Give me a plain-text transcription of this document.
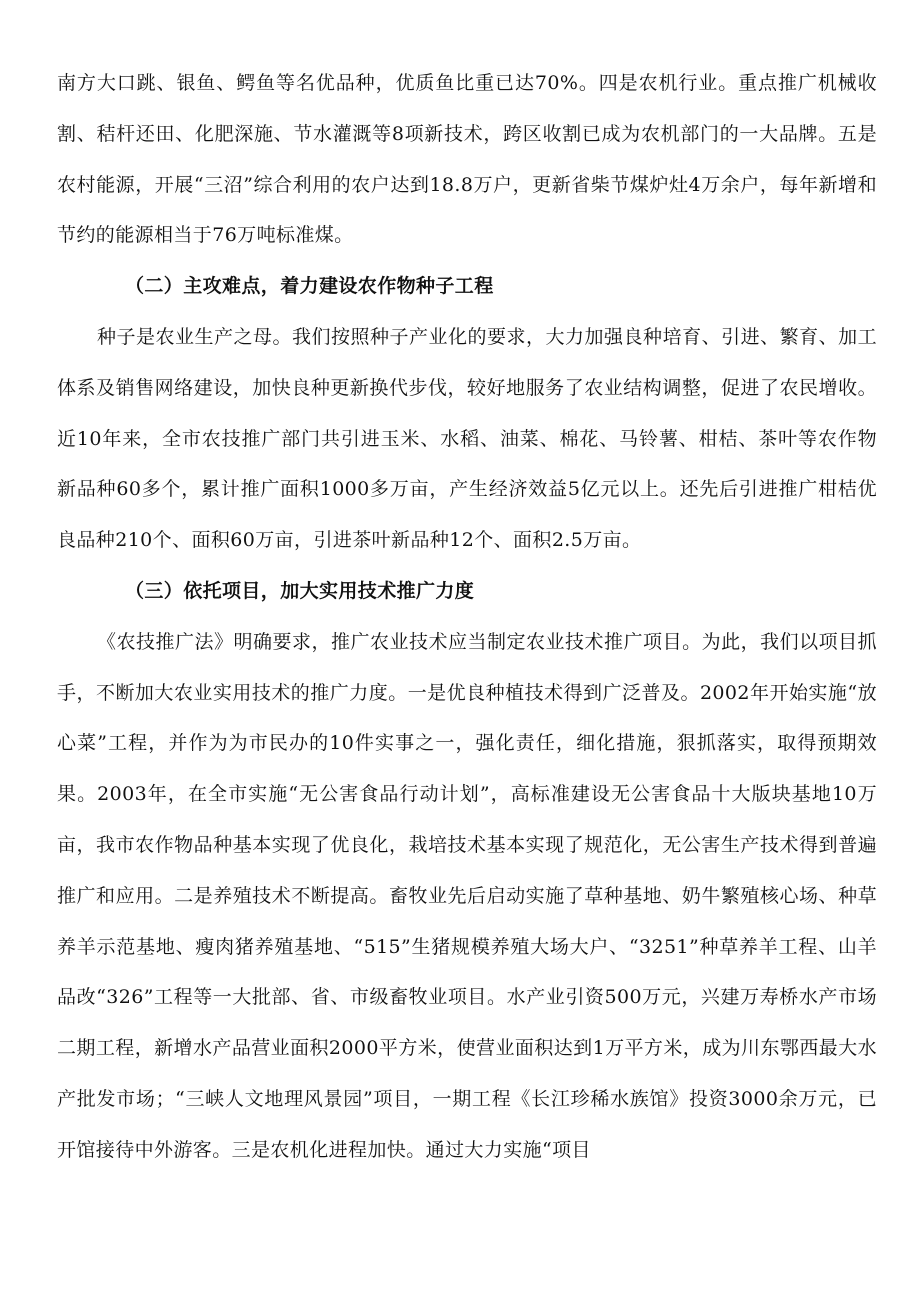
南方大口跳、银鱼、鳄鱼等名优品种，优质鱼比重已达70%。四是农机行业。重点推广机械收割、秸杆还田、化肥深施、节水灌溉等8项新技术，跨区收割已成为农机部门的一大品牌。五是农村能源，开展“三沼”综合利用的农户达到18.8万户，更新省柴节煤炉灶4万余户，每年新增和节约的能源相当于76万吨标准煤。

（二）主攻难点，着力建设农作物种子工程

种子是农业生产之母。我们按照种子产业化的要求，大力加强良种培育、引进、繁育、加工体系及销售网络建设，加快良种更新换代步伐，较好地服务了农业结构调整，促进了农民增收。近10年来，全市农技推广部门共引进玉米、水稻、油菜、棉花、马铃薯、柑桔、茶叶等农作物新品种60多个，累计推广面积1000多万亩，产生经济效益5亿元以上。还先后引进推广柑桔优良品种210个、面积60万亩，引进茶叶新品种12个、面积2.5万亩。

（三）依托项目，加大实用技术推广力度

《农技推广法》明确要求，推广农业技术应当制定农业技术推广项目。为此，我们以项目抓手，不断加大农业实用技术的推广力度。一是优良种植技术得到广泛普及。2002年开始实施“放心菜”工程，并作为为市民办的10件实事之一，强化责任，细化措施，狠抓落实，取得预期效果。2003年，在全市实施“无公害食品行动计划”，高标准建设无公害食品十大版块基地10万亩，我市农作物品种基本实现了优良化，栽培技术基本实现了规范化，无公害生产技术得到普遍推广和应用。二是养殖技术不断提高。畜牧业先后启动实施了草种基地、奶牛繁殖核心场、种草养羊示范基地、瘦肉猪养殖基地、“515”生猪规模养殖大场大户、“3251”种草养羊工程、山羊品改“326”工程等一大批部、省、市级畜牧业项目。水产业引资500万元，兴建万寿桥水产市场二期工程，新增水产品营业面积2000平方米，使营业面积达到1万平方米，成为川东鄂西最大水产批发市场；“三峡人文地理风景园”项目，一期工程《长江珍稀水族馆》投资3000余万元，已开馆接待中外游客。三是农机化进程加快。通过大力实施“项目
